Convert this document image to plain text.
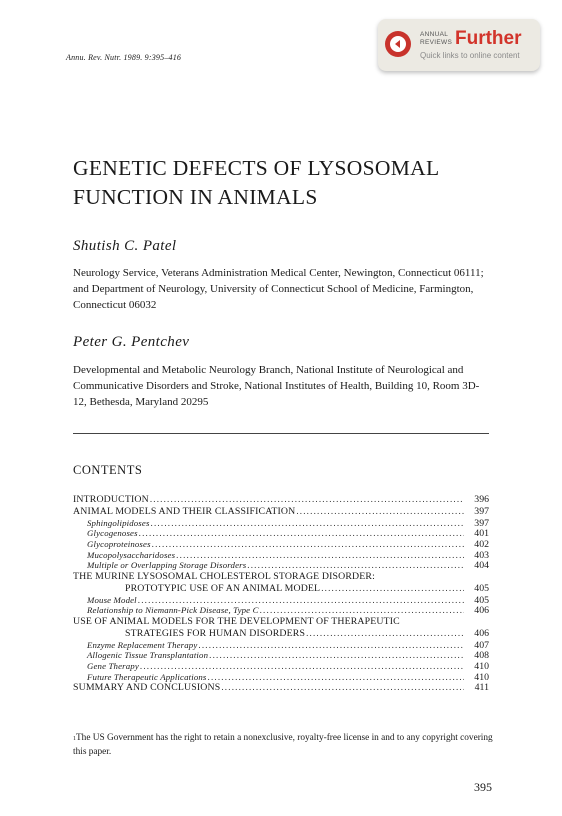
Annu. Rev. Nutr. 1989. 9:395–416
ANNUAL REVIEWS Further
Quick links to online content
GENETIC DEFECTS OF LYSOSOMAL FUNCTION IN ANIMALS
Shutish C. Patel
Neurology Service, Veterans Administration Medical Center, Newington, Connecticut 06111; and Department of Neurology, University of Connecticut School of Medicine, Farmington, Connecticut 06032
Peter G. Pentchev
Developmental and Metabolic Neurology Branch, National Institute of Neurological and Communicative Disorders and Stroke, National Institutes of Health, Building 10, Room 3D-12, Bethesda, Maryland 20295
CONTENTS
INTRODUCTION .....	396
ANIMAL MODELS AND THEIR CLASSIFICATION .....	397
Sphingolipidoses .....	397
Glycogenoses .....	401
Glycoproteinoses .....	402
Mucopolysaccharidoses .....	403
Multiple or Overlapping Storage Disorders .....	404
THE MURINE LYSOSOMAL CHOLESTEROL STORAGE DISORDER:
PROTOTYPIC USE OF AN ANIMAL MODEL .....	405
Mouse Model .....	405
Relationship to Niemann-Pick Disease, Type C .....	406
USE OF ANIMAL MODELS FOR THE DEVELOPMENT OF THERAPEUTIC
STRATEGIES FOR HUMAN DISORDERS .....	406
Enzyme Replacement Therapy .....	407
Allogenic Tissue Transplantation .....	408
Gene Therapy .....	410
Future Therapeutic Applications .....	410
SUMMARY AND CONCLUSIONS .....	411
$^1$The US Government has the right to retain a nonexclusive, royalty-free license in and to any copyright covering this paper.
395
